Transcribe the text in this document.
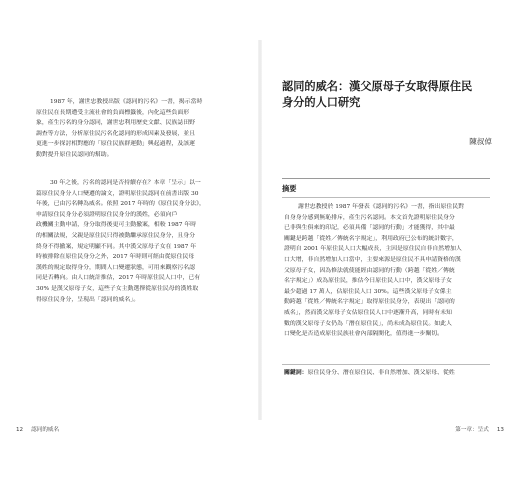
1987 年，謝世忠教授出版《認同的污名》一書，揭示當時
原住民在長期遭受主流社會的負面標籤後，內化這些負面形
象，產生污名的身分認同，謝世忠利用歷史文獻、民族誌田野
調查等方法，分析原住民污名化認同的形成因素及發展，並且
更進一步探討相對應的「原住民族群運動」興起過程，及該運
動對提升原住民認同的幫助。
30 年之後，污名的認同是否持續存在？本章「呈示」以一
篇原住民身分人口變遷的論文，證明原住民認同在前書出版 30
年後，已由污名轉為威名。依照 2017 年時的《原住民身分法》，
申請原住民身分必須證明原住民身分的漢姓，必須向戶
政機關主動申請，身分取得後更可主動撤案，相較 1987 年時
的相關法規，父親是原住民只得被動繼承原住民身分，且身分
終身不得撤案，規定明顯不同。其中漢父原母子女在 1987 年
時被排除在原住民身分之外，2017 年時則可經由從原住民母
漢姓的規定取得身分，期間人口變遷狀態，可用來觀察污名認
同是否轉向。由人口統計推估，2017 年時原住民人口中，已有
30% 是漢父原母子女，這些子女主動選擇從原住民母的漢姓取
得原住民身分，呈現出「認同的威名」。
認同的威名：漢父原母子女取得原住民
身分的人口研究
陳叔倬
摘要
謝世忠教授於 1987 年發表《認同的污名》一書，指出原住民對
自身身分感到無恥排斥，產生污名認同。本文首先證明原住民身分
已非與生俱來的印記，必須具備「認同的行動」才能獲得，其中最
關鍵是跨越「從姓／傳統名字規定」，利用政府已公布的統計數字，
證明自 2001 年原住民人口大幅成長，主因是原住民自非自然增加人
口大增，非自然增加人口當中，主要來源是原住民不具申請資格的漢
父原母子女，因為修法就使能經由認同的行動（跨越「從姓／傳統
名字規定」）成為原住民，推估今日原住民人口中，漢父原母子女
最少超過 17 萬人，佔原住民人口 30%。這些漢父原母子女係主
動跨越「從姓／傳統名字規定」取得原住民身分，表現出「認同的
威名」，然而漢父原母子女佔原住民人口中逐漸升高，同時有未知
數的漢父原母子女仍為「潛在原住民」，尚未成為原住民。如此人
口變化是否造成原住民族社會內部隔閡化，值得進一步闡切。
關鍵詞：原住民身分、潛在原住民、非自然增加、漢父原母、從姓
12 認同的威名	第一章：呈式 13
